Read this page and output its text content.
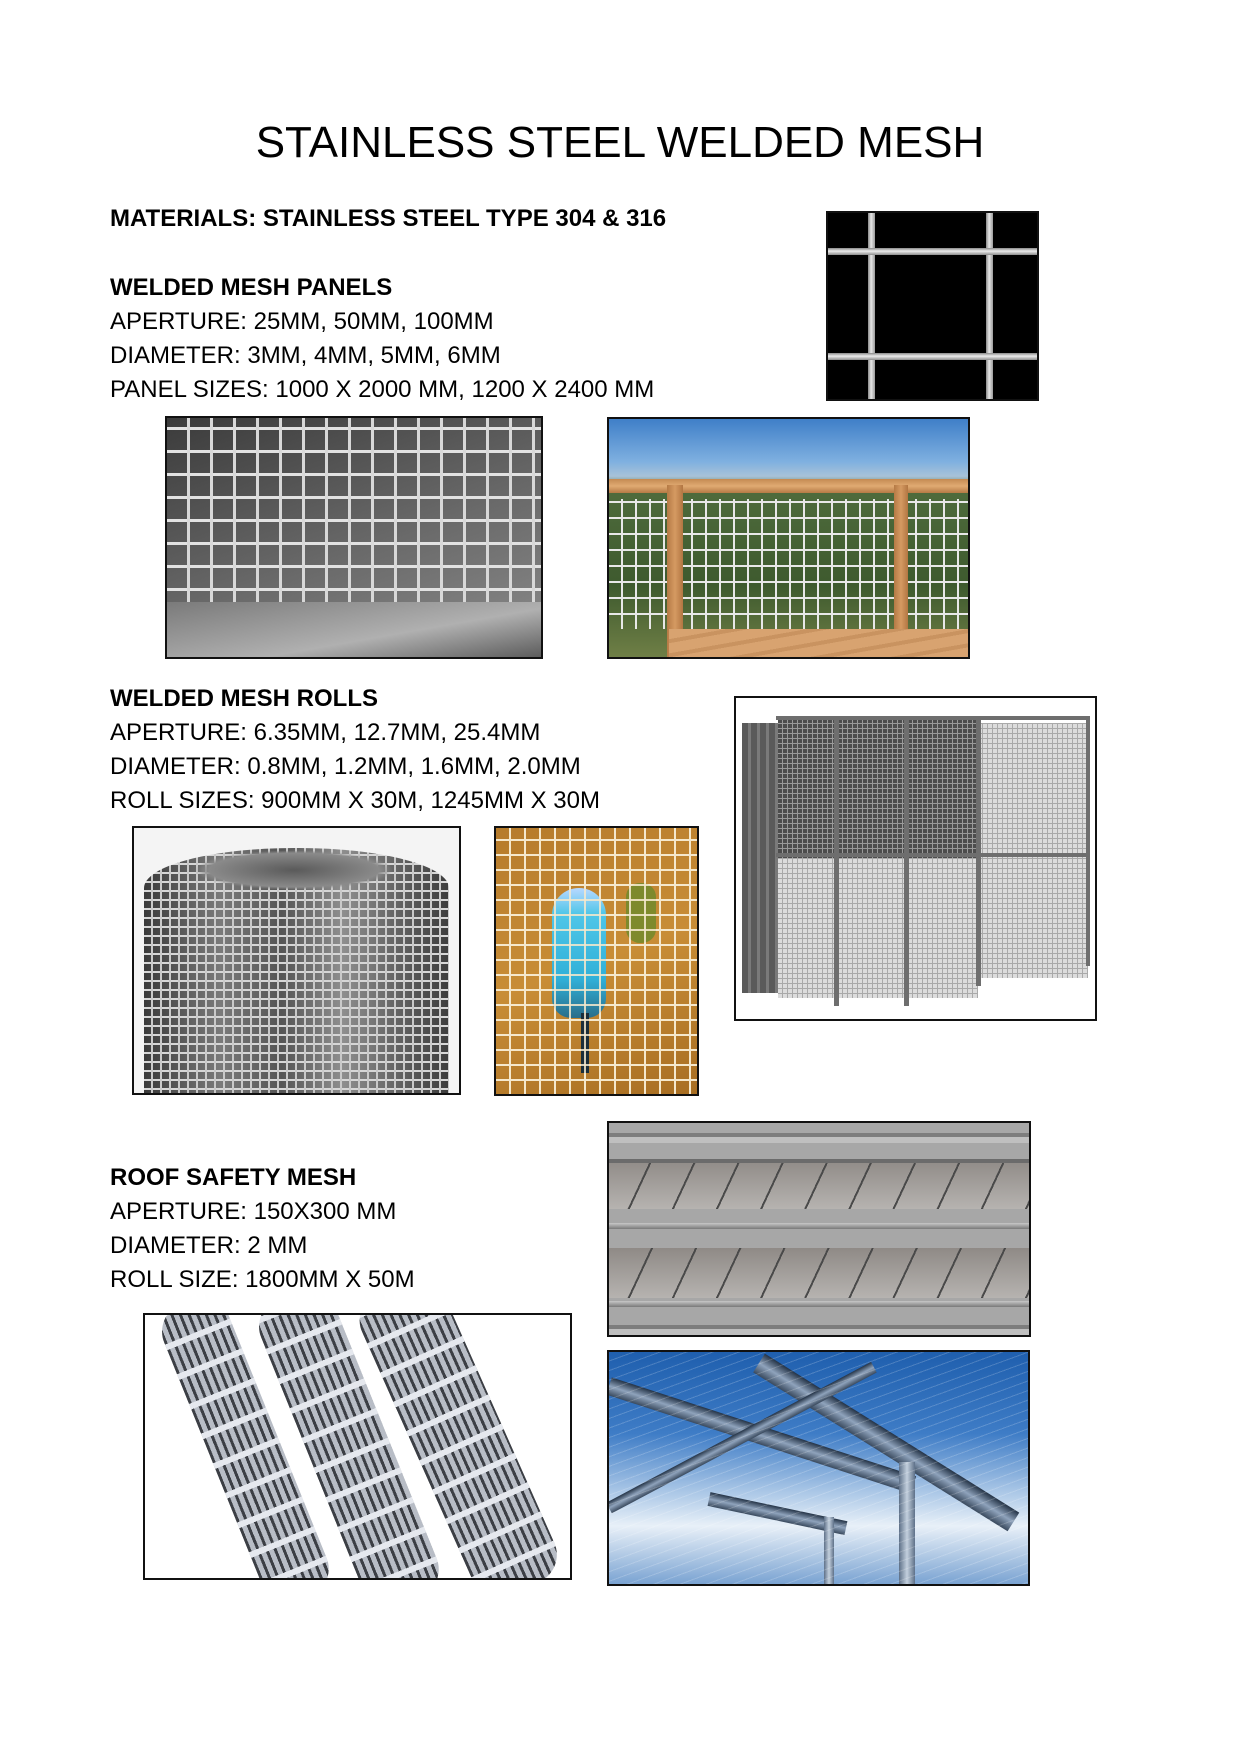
STAINLESS STEEL WELDED MESH
MATERIALS: STAINLESS STEEL TYPE 304 & 316
WELDED MESH PANELS
APERTURE: 25MM, 50MM, 100MM
DIAMETER: 3MM, 4MM, 5MM, 6MM
PANEL SIZES: 1000 X 2000 MM, 1200 X 2400 MM
WELDED MESH ROLLS
APERTURE: 6.35MM, 12.7MM, 25.4MM
DIAMETER: 0.8MM, 1.2MM, 1.6MM, 2.0MM
ROLL SIZES: 900MM X 30M, 1245MM X 30M
ROOF SAFETY MESH
APERTURE: 150X300 MM
DIAMETER: 2 MM
ROLL SIZE: 1800MM X 50M
